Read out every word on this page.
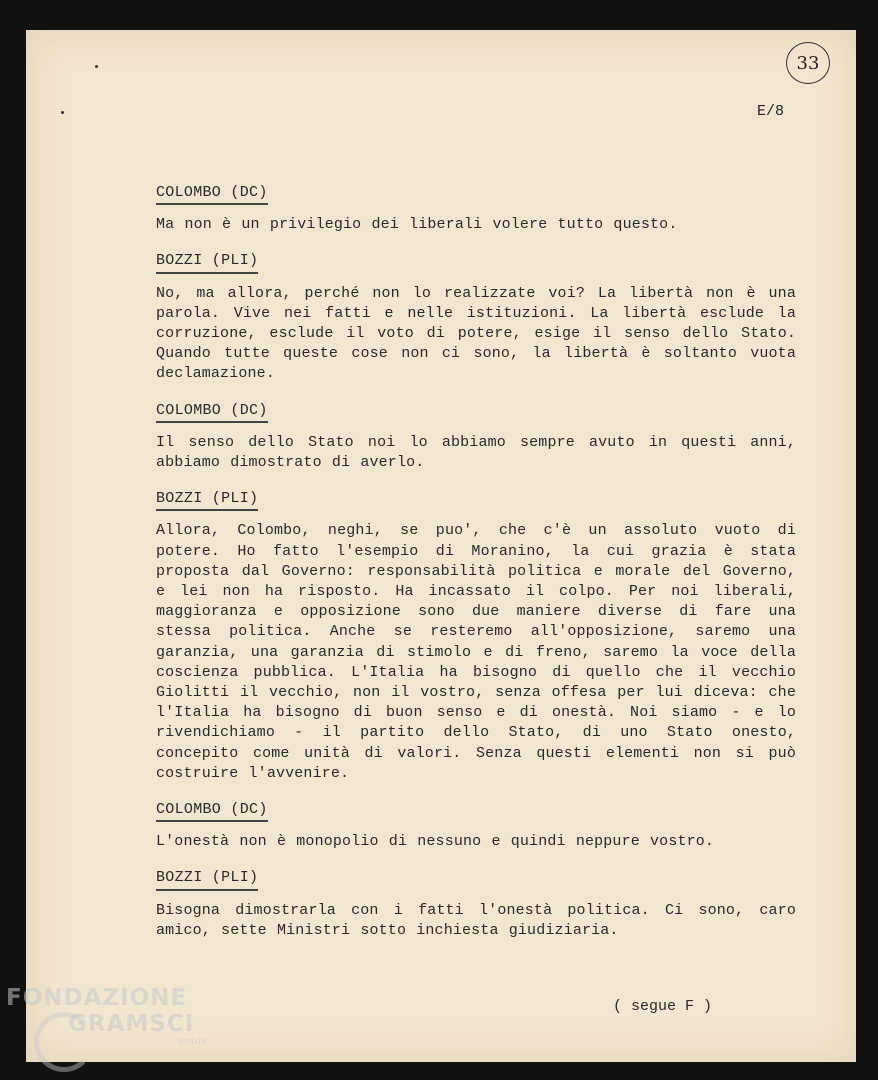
33
E/8
COLOMBO (DC)

Ma non è un privilegio dei liberali volere tutto questo.

BOZZI (PLI)

No, ma allora, perché non lo realizzate voi? La libertà non è una parola. Vive nei fatti e nelle istituzioni. La libertà esclude la corruzione, esclude il voto di potere, esige il senso dello Stato. Quando tutte queste cose non ci sono, la libertà è soltanto vuota declamazione.

COLOMBO (DC)

Il senso dello Stato noi lo abbiamo sempre avuto in questi anni, abbiamo dimostrato di averlo.

BOZZI (PLI)

Allora, Colombo, neghi, se puo', che c'è un assoluto vuoto di potere. Ho fatto l'esempio di Moranino, la cui grazia è stata proposta dal Governo: responsabilità politica e morale del Governo, e lei non ha risposto. Ha incassato il colpo. Per noi liberali, maggioranza e opposizione sono due maniere diverse di fare una stessa politica. Anche se resteremo all'opposizione, saremo una garanzia, una garanzia di stimolo e di freno, saremo la voce della coscienza pubblica. L'Italia ha bisogno di quello che il vecchio Giolitti il vecchio, non il vostro, senza offesa per lui diceva: che l'Italia ha bisogno di buon senso e di onestà. Noi siamo - e lo rivendichiamo - il partito dello Stato, di uno Stato onesto, concepito come unità di valori. Senza questi elementi non si può costruire l'avvenire.

COLOMBO (DC)

L'onestà non è monopolio di nessuno e quindi neppure vostro.

BOZZI (PLI)

Bisogna dimostrarla con i fatti l'onestà politica. Ci sono, caro amico, sette Ministri sotto inchiesta giudiziaria.

( segue F )
FONDAZIONE
GRAMSCI
onlus
